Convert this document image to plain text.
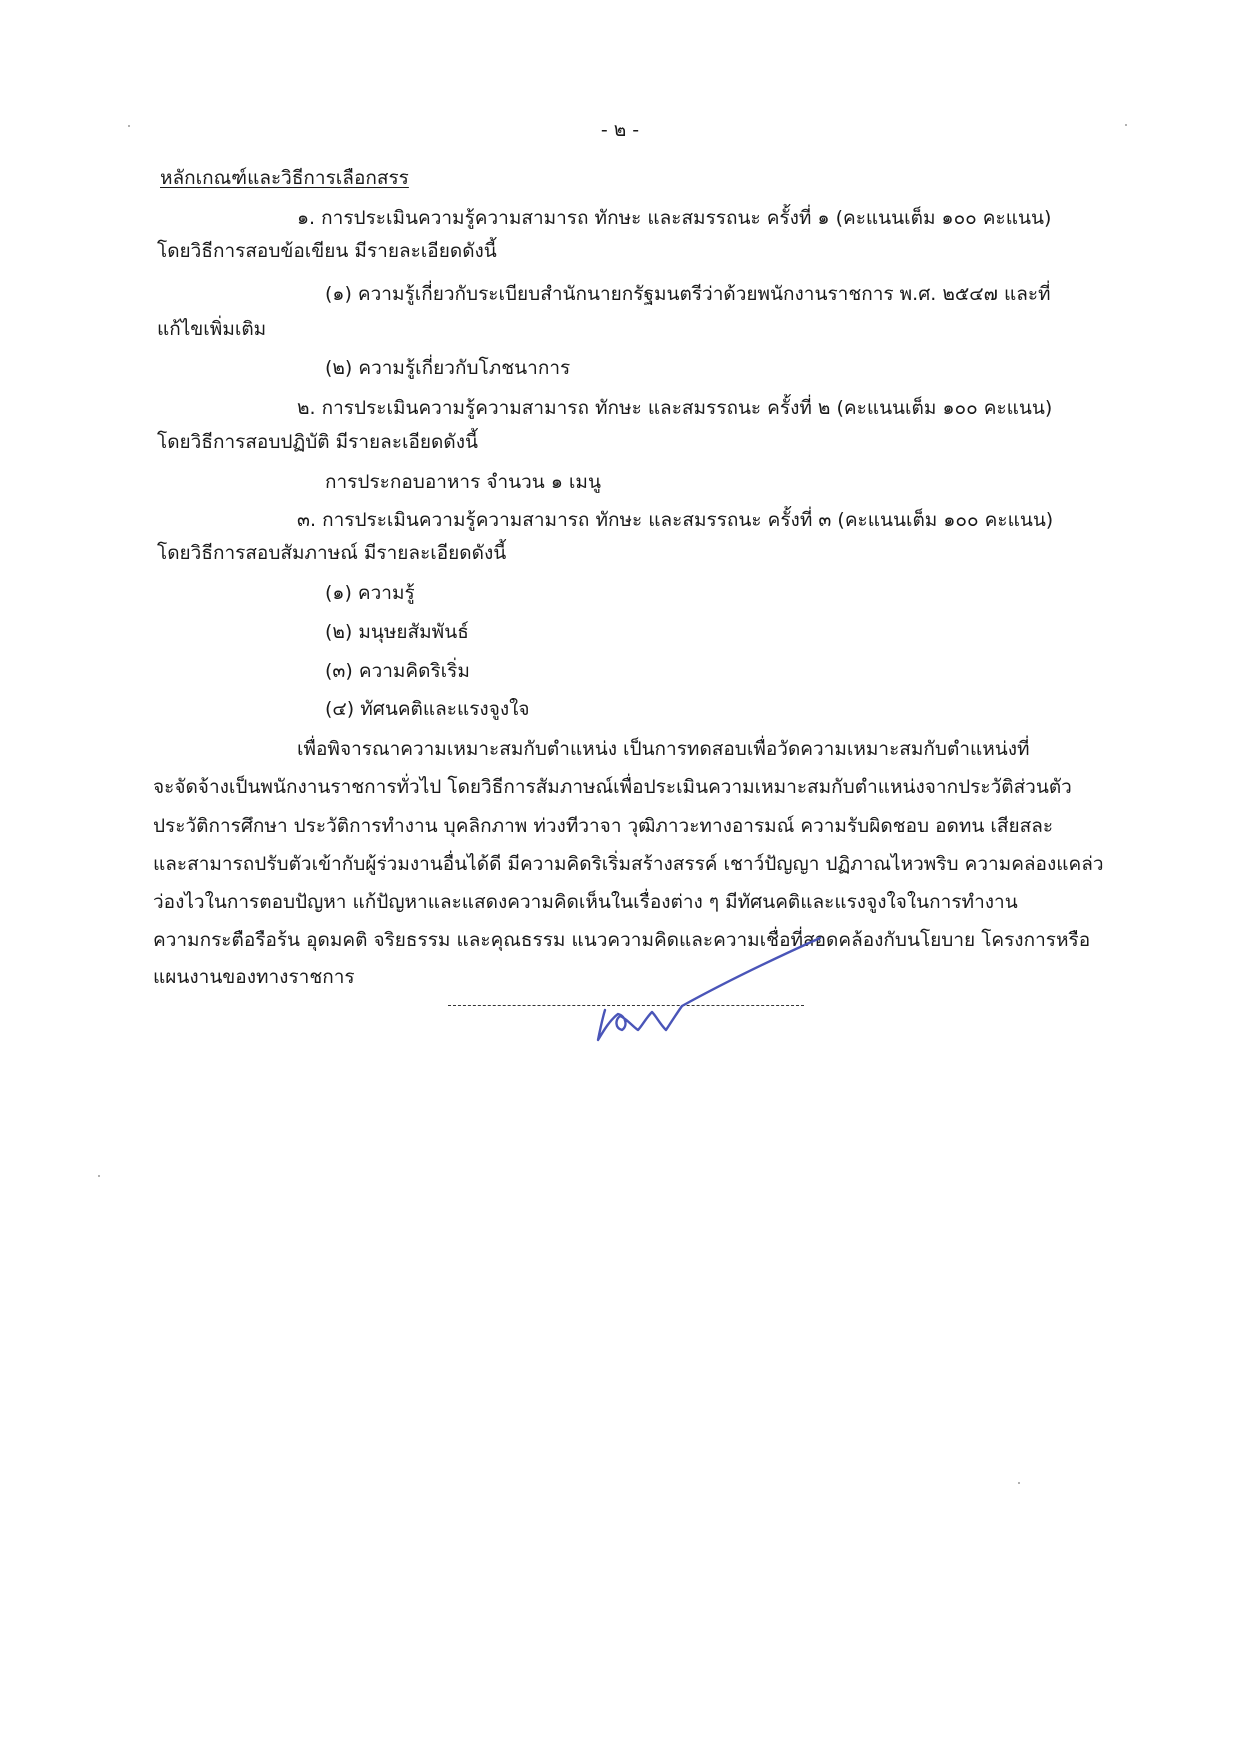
- ๒ -
หลักเกณฑ์และวิธีการเลือกสรร
๑. การประเมินความรู้ความสามารถ ทักษะ และสมรรถนะ ครั้งที่ ๑ (คะแนนเต็ม ๑๐๐ คะแนน)
โดยวิธีการสอบข้อเขียน มีรายละเอียดดังนี้
(๑) ความรู้เกี่ยวกับระเบียบสำนักนายกรัฐมนตรีว่าด้วยพนักงานราชการ พ.ศ. ๒๕๔๗ และที่
แก้ไขเพิ่มเติม
(๒) ความรู้เกี่ยวกับโภชนาการ
๒. การประเมินความรู้ความสามารถ ทักษะ และสมรรถนะ ครั้งที่ ๒ (คะแนนเต็ม ๑๐๐ คะแนน)
โดยวิธีการสอบปฏิบัติ มีรายละเอียดดังนี้
การประกอบอาหาร จำนวน ๑ เมนู
๓. การประเมินความรู้ความสามารถ ทักษะ และสมรรถนะ ครั้งที่ ๓ (คะแนนเต็ม ๑๐๐ คะแนน)
โดยวิธีการสอบสัมภาษณ์ มีรายละเอียดดังนี้
(๑) ความรู้
(๒) มนุษยสัมพันธ์
(๓) ความคิดริเริ่ม
(๔) ทัศนคติและแรงจูงใจ
เพื่อพิจารณาความเหมาะสมกับตำแหน่ง เป็นการทดสอบเพื่อวัดความเหมาะสมกับตำแหน่งที่
จะจัดจ้างเป็นพนักงานราชการทั่วไป โดยวิธีการสัมภาษณ์เพื่อประเมินความเหมาะสมกับตำแหน่งจากประวัติส่วนตัว
ประวัติการศึกษา ประวัติการทำงาน บุคลิกภาพ ท่วงทีวาจา วุฒิภาวะทางอารมณ์ ความรับผิดชอบ อดทน เสียสละ
และสามารถปรับตัวเข้ากับผู้ร่วมงานอื่นได้ดี มีความคิดริเริ่มสร้างสรรค์ เชาว์ปัญญา ปฏิภาณไหวพริบ ความคล่องแคล่ว
ว่องไวในการตอบปัญหา แก้ปัญหาและแสดงความคิดเห็นในเรื่องต่าง ๆ มีทัศนคติและแรงจูงใจในการทำงาน
ความกระตือรือร้น อุดมคติ จริยธรรม และคุณธรรม แนวความคิดและความเชื่อที่สอดคล้องกับนโยบาย โครงการหรือ
แผนงานของทางราชการ
